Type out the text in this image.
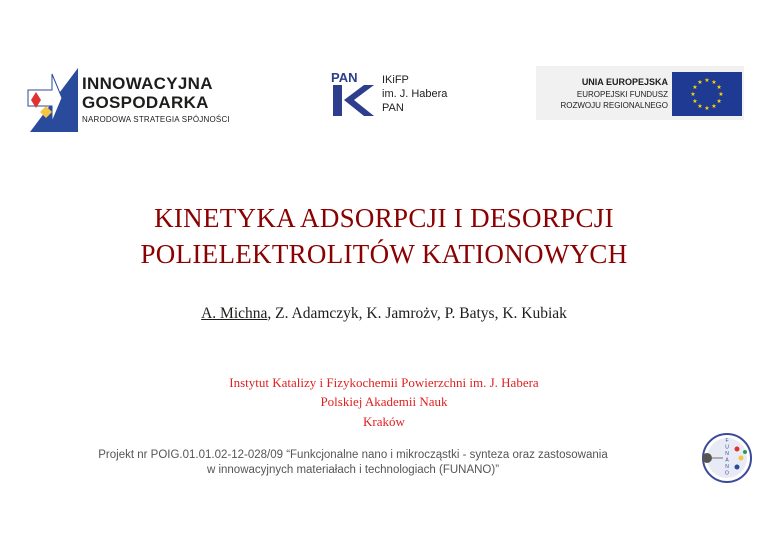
INNOWACYJNA
GOSPODARKA
NARODOWA STRATEGIA SPÓJNOŚCI
PAN IKiFP
im. J. Habera
PAN
UNIA EUROPEJSKA
EUROPEJSKI FUNDUSZ
ROZWOJU REGIONALNEGO
★ ★
★
★
★
★
★
★
★
★
★
★
KINETYKA ADSORPCJI I DESORPCJI
POLIELEKTROLITÓW KATIONOWYCH
A. Michna, Z. Adamczyk, K. Jamrożv, P. Batys, K. Kubiak
Instytut Katalizy i Fizykochemii Powierzchni im. J. Habera
Polskiej Akademii Nauk
Kraków
Projekt nr POIG.01.01.02-12-028/09 “Funkcjonalne nano i mikrocząstki - synteza oraz zastosowania
w innowacyjnych materiałach i technologiach (FUNANO)”
F
U
N
A
N
O
